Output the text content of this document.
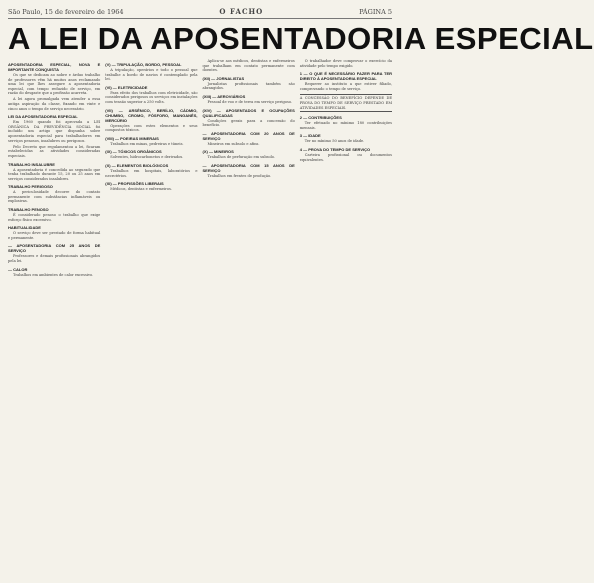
São Paulo, 15 de fevereiro de 1964	O FACHO	PÁGINA 5
A LEI DA APOSENTADORIA ESPECIAL
APOSENTADORIA ESPECIAL, NOVA E IMPORTANTE CONQUISTA

Os que se dedicam ao nobre e árduo trabalho de professores vêm há muitos anos reclamando uma lei que lhes assegure a aposentadoria especial, com tempo reduzido de serviço, em razão do desgaste que a profissão acarreta.

A lei agora promulgada vem atender a essa antiga aspiração da classe, fixando em vinte e cinco anos o tempo de serviço necessário.

LEI DA APOSENTADORIA ESPECIAL

Em 1960 quando foi aprovada a LEI ORGÂNICA DA PREVIDÊNCIA SOCIAL foi incluído um artigo que dispunha sobre aposentadoria especial para trabalhadores em serviços penosos, insalubres ou perigosos.

Pelo Decreto que regulamentou a lei, ficaram estabelecidas as atividades consideradas especiais.

TRABALHO INSALUBRE

A aposentadoria é concedida ao segurado que tenha trabalhado durante 15, 20 ou 25 anos em serviços considerados insalubres.

TRABALHO PERIGOSO

A periculosidade decorre do contato permanente com substâncias inflamáveis ou explosivas.

TRABALHO PENOSO

É considerado penoso o trabalho que exige esforço físico excessivo.

HABITUALIDADE

O serviço deve ser prestado de forma habitual e permanente.

— APOSENTADORIA COM 25 ANOS DE SERVIÇO

Professores e demais profissionais abrangidos pela lei.

— CALOR

Trabalhos em ambientes de calor excessivo.

(V) — TRIPULAÇÃO, BORDO, PESSOAL

A tripulação, operários e todo o pessoal que trabalhe a bordo de navios é contemplado pela lei.

(VI) — ELETRICIDADE

Para efeito dos trabalhos com eletricidade, são considerados perigosos os serviços em instalações com tensão superior a 250 volts.

(VII) — ARSÊNICO, BERÍLIO, CÁDMIO, CHUMBO, CROMO, FÓSFORO, MANGANÊS, MERCÚRIO

Operações com estes elementos e seus compostos tóxicos.

(VIII) — POEIRAS MINERAIS

Trabalhos em minas, pedreiras e túneis.

(IX) — TÓXICOS ORGÂNICOS

Solventes, hidrocarbonetos e derivados.

(X) — ELEMENTOS BIOLÓGICOS

Trabalhos em hospitais, laboratórios e necrotérios.

(XI) — PROFISSÕES LIBERAIS

Médicos, dentistas e enfermeiros.

Aplica-se aos médicos, dentistas e enfermeiros que trabalham em contato permanente com doentes.

(XII) — JORNALISTAS

Jornalistas profissionais também são abrangidos.

(XIII) — AEROVIÁRIOS

Pessoal de voo e de terra em serviço perigoso.

(XIV) — APOSENTADOS E OCUPAÇÕES QUALIFICADAS

Condições gerais para a concessão do benefício.

— APOSENTADORIA COM 20 ANOS DE SERVIÇO

Mineiros em subsolo e afins.

(X) — MINEIROS

Trabalhos de perfuração em subsolo.

— APOSENTADORIA COM 15 ANOS DE SERVIÇO

Trabalhos em frentes de produção.

O trabalhador deve comprovar o exercício da atividade pelo tempo exigido.

1 — O QUE É NECESSÁRIO FAZER PARA TER DIREITO À APOSENTADORIA ESPECIAL

Requerer ao instituto a que estiver filiado, comprovando o tempo de serviço.

A CONCESSÃO DO BENEFÍCIO DEPENDE DE PROVA DO TEMPO DE SERVIÇO PRESTADO EM ATIVIDADES ESPECIAIS.
2 — CONTRIBUIÇÕES

Ter efetuado no mínimo 180 contribuições mensais.

3 — IDADE

Ter no mínimo 50 anos de idade.

4 — PROVA DO TEMPO DE SERVIÇO

Carteira profissional ou documentos equivalentes.
